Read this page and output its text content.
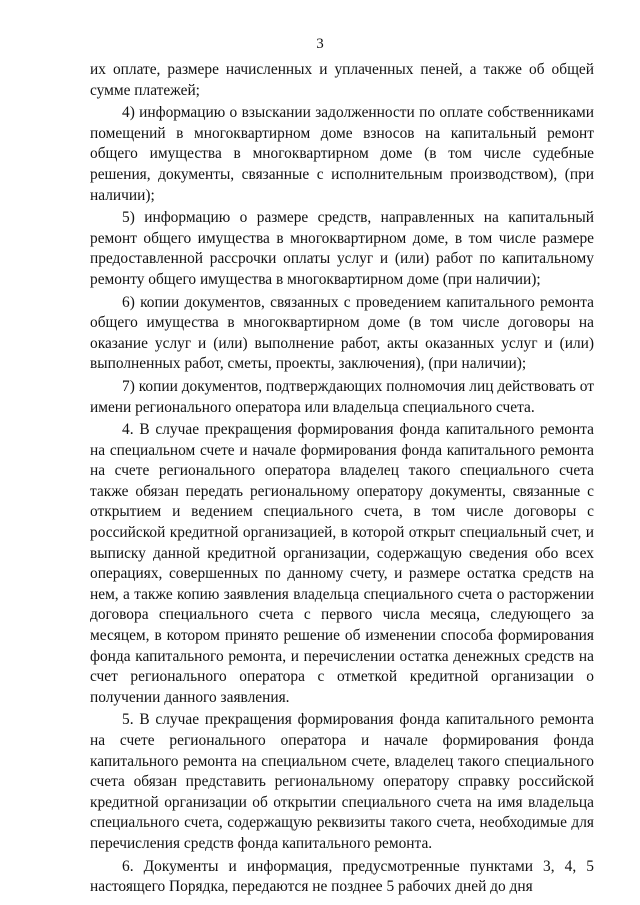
3

их оплате, размере начисленных и уплаченных пеней, а также об общей сумме платежей;

4) информацию о взыскании задолженности по оплате собственниками помещений в многоквартирном доме взносов на капитальный ремонт общего имущества в многоквартирном доме (в том числе судебные решения, документы, связанные с исполнительным производством), (при наличии);

5) информацию о размере средств, направленных на капитальный ремонт общего имущества в многоквартирном доме, в том числе размере предоставленной рассрочки оплаты услуг и (или) работ по капитальному ремонту общего имущества в многоквартирном доме (при наличии);

6) копии документов, связанных с проведением капитального ремонта общего имущества в многоквартирном доме (в том числе договоры на оказание услуг и (или) выполнение работ, акты оказанных услуг и (или) выполненных работ, сметы, проекты, заключения), (при наличии);

7) копии документов, подтверждающих полномочия лиц действовать от имени регионального оператора или владельца специального счета.

4. В случае прекращения формирования фонда капитального ремонта на специальном счете и начале формирования фонда капитального ремонта на счете регионального оператора владелец такого специального счета также обязан передать региональному оператору документы, связанные с открытием и ведением специального счета, в том числе договоры с российской кредитной организацией, в которой открыт специальный счет, и выписку данной кредитной организации, содержащую сведения обо всех операциях, совершенных по данному счету, и размере остатка средств на нем, а также копию заявления владельца специального счета о расторжении договора специального счета с первого числа месяца, следующего за месяцем, в котором принято решение об изменении способа формирования фонда капитального ремонта, и перечислении остатка денежных средств на счет регионального оператора с отметкой кредитной организации о получении данного заявления.

5. В случае прекращения формирования фонда капитального ремонта на счете регионального оператора и начале формирования фонда капитального ремонта на специальном счете, владелец такого специального счета обязан представить региональному оператору справку российской кредитной организации об открытии специального счета на имя владельца специального счета, содержащую реквизиты такого счета, необходимые для перечисления средств фонда капитального ремонта.

6. Документы и информация, предусмотренные пунктами 3, 4, 5 настоящего Порядка, передаются не позднее 5 рабочих дней до дня
